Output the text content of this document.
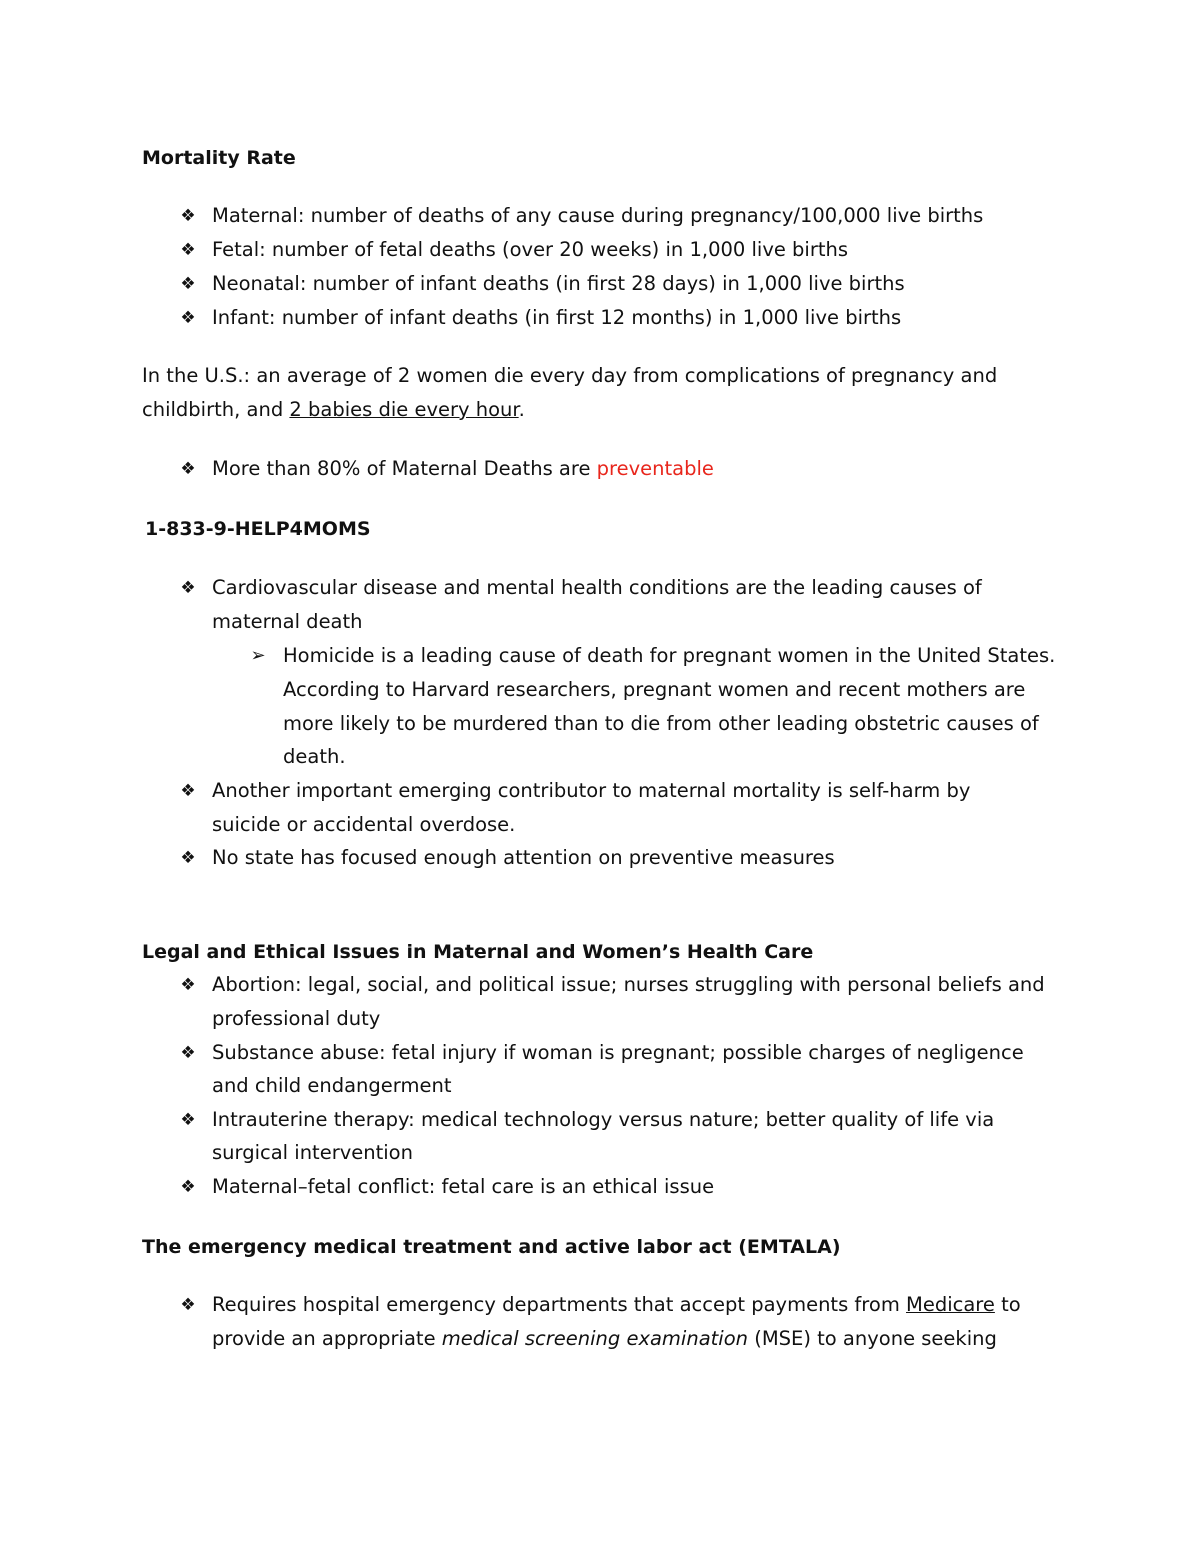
Mortality Rate
❖ Maternal: number of deaths of any cause during pregnancy/100,000 live births
❖ Fetal: number of fetal deaths (over 20 weeks) in 1,000 live births
❖ Neonatal: number of infant deaths (in first 28 days) in 1,000 live births
❖ Infant: number of infant deaths (in first 12 months) in 1,000 live births
In the U.S.: an average of 2 women die every day from complications of pregnancy and
childbirth, and 2 babies die every hour.
❖ More than 80% of Maternal Deaths are preventable
1-833-9-HELP4MOMS
❖ Cardiovascular disease and mental health conditions are the leading causes of
maternal death
➢ Homicide is a leading cause of death for pregnant women in the United States.
According to Harvard researchers, pregnant women and recent mothers are
more likely to be murdered than to die from other leading obstetric causes of
death.
❖ Another important emerging contributor to maternal mortality is self-harm by
suicide or accidental overdose.
❖ No state has focused enough attention on preventive measures
Legal and Ethical Issues in Maternal and Women’s Health Care
❖ Abortion: legal, social, and political issue; nurses struggling with personal beliefs and
professional duty
❖ Substance abuse: fetal injury if woman is pregnant; possible charges of negligence
and child endangerment
❖ Intrauterine therapy: medical technology versus nature; better quality of life via
surgical intervention
❖ Maternal–fetal conflict: fetal care is an ethical issue
The emergency medical treatment and active labor act (EMTALA)
❖ Requires hospital emergency departments that accept payments from Medicare to
provide an appropriate medical screening examination (MSE) to anyone seeking
